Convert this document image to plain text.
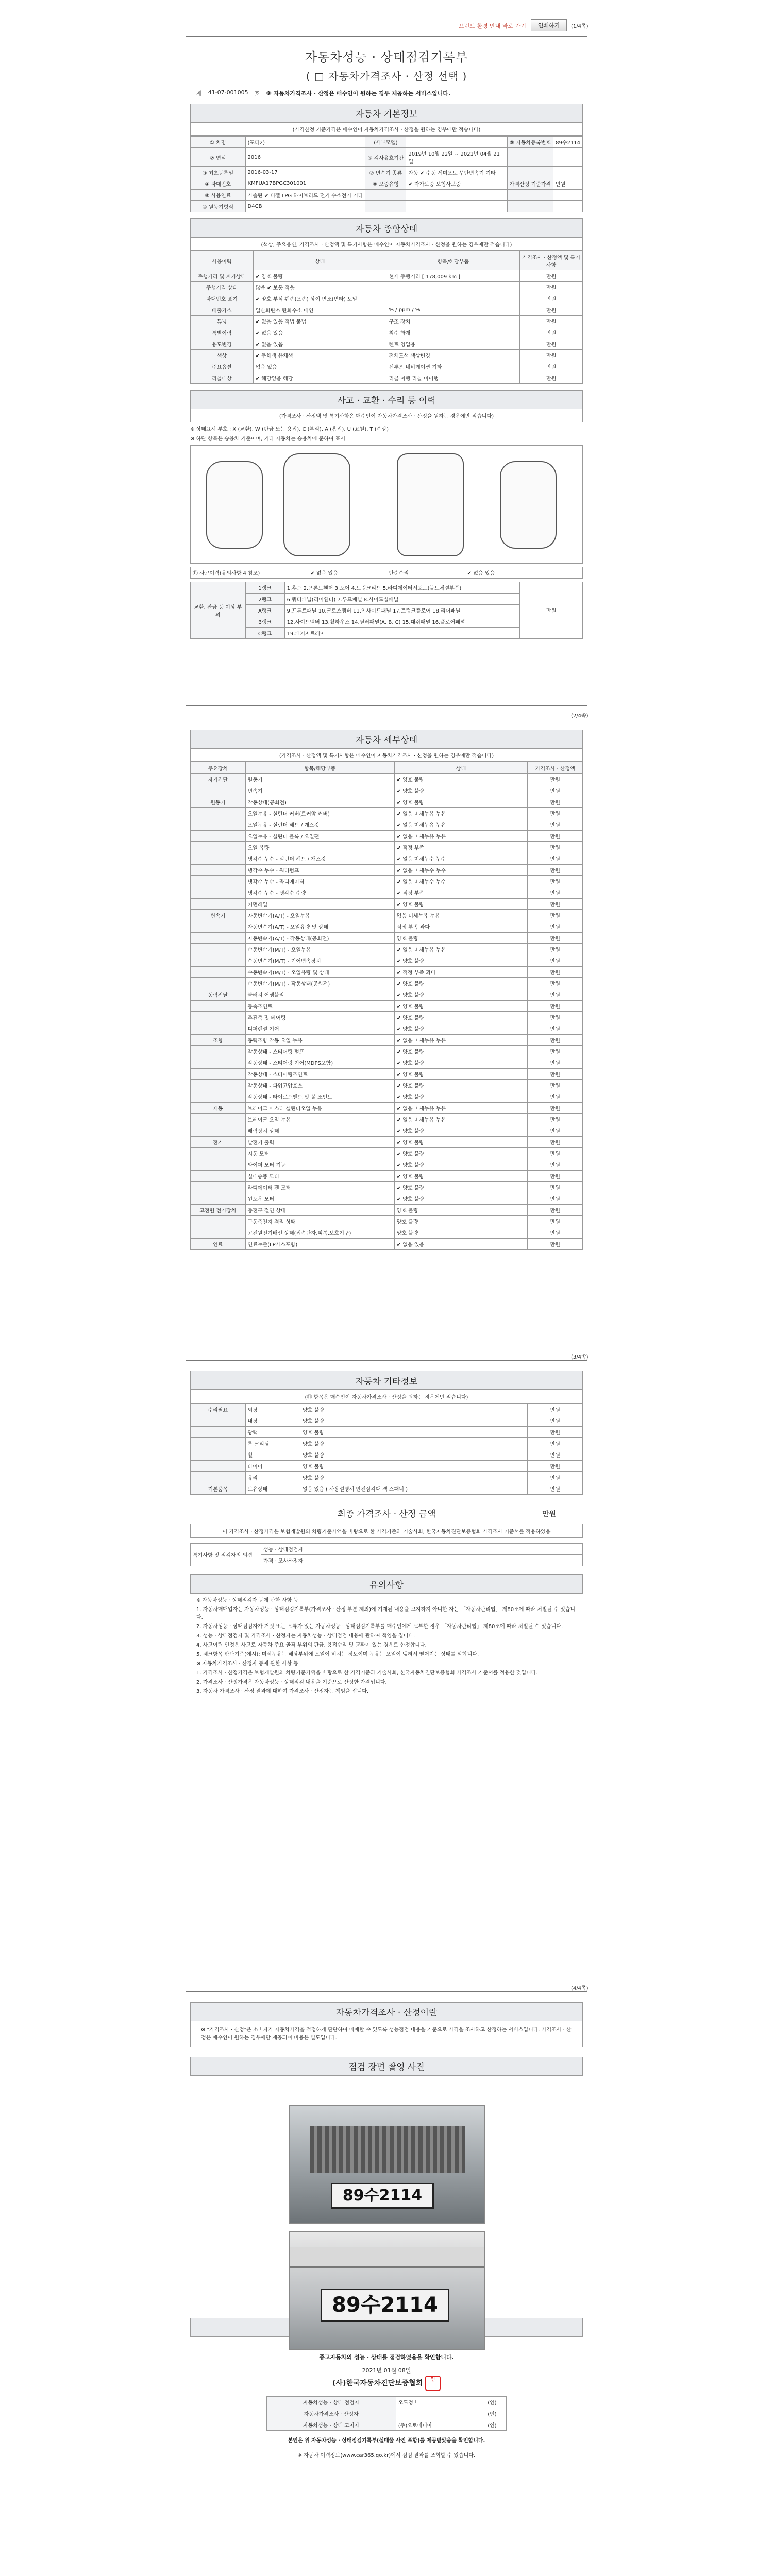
프린트 환경 안내 바로 가기	인쇄하기	(1/4쪽)
자동차성능 · 상태점검기록부
( □ 자동차가격조사 · 산정 선택 )
제 41-07-001005 호 ※ 자동차가격조사 · 산정은 매수인이 원하는 경우 제공하는 서비스입니다.
자동차 기본정보
(가격산정 기준가격은 매수인이 자동차가격조사 · 산정을 원하는 경우에만 적습니다)
① 차명	(포터2)	(세부모델)		⑤ 자동차등록번호	89수2114
② 연식	2016	⑥ 검사유효기간	2019년 10월 22일 ~ 2021년 04월 21일		
③ 최초등록일	2016-03-17	⑦ 변속기 종류	자동 ✔ 수동 세미오토 무단변속기 기타		
④ 차대번호	KMFUA17BPGC301001	⑧ 보증유형	✔ 자가보증 보험사보증	가격산정 기준가격	만원
⑨ 사용연료	가솔린 ✔ 디젤 LPG 하이브리드 전기 수소전기 기타				
⑩ 원동기형식	D4CB				
자동차 종합상태
(색상, 주요옵션, 가격조사 · 산정액 및 특기사항은 매수인이 자동차가격조사 · 산정을 원하는 경우에만 적습니다)
사용이력	상태	항목/해당부품	가격조사 · 산정액 및 특기사항
주행거리 및 계기상태	✔ 양호 불량	현재 주행거리 [ 178,009 km ]	만원
주행거리 상태	많음 ✔ 보통 적음		만원
차대번호 표기	✔ 양호 부식 훼손(오손) 상이 변조(변타) 도말		만원
배출가스	일산화탄소 탄화수소 매연	% / ppm / %	만원
튜닝	✔ 없음 있음 적법 불법	구조 장치	만원
특별이력	✔ 없음 있음	침수 화재	만원
용도변경	✔ 없음 있음	렌트 영업용	만원
색상	✔ 무채색 유채색	전체도색 색상변경	만원
주요옵션	없음 있음	선루프 네비게이션 기타	만원
리콜대상	✔ 해당없음 해당	리콜 이행 리콜 미이행	만원
사고 · 교환 · 수리 등 이력
(가격조사 · 산정액 및 특기사항은 매수인이 자동차가격조사 · 산정을 원하는 경우에만 적습니다)
※ 상태표시 부호 : X (교환), W (판금 또는 용접), C (부식), A (흠집), U (요철), T (손상)
※ 하단 항목은 승용차 기준이며, 기타 자동차는 승용차에 준하여 표시
⑪ 사고이력(유의사항 4 참조)	✔ 없음 있음	단순수리	✔ 없음 있음
교환, 판금 등 이상 부위	1랭크	1.후드 2.프론트휀더 3.도어 4.트렁크리드 5.라디에이터서포트(볼트체결부품)	만원
	2랭크	6.쿼터패널(리어휀더) 7.루프패널 8.사이드실패널	
	A랭크	9.프론트패널 10.크로스멤버 11.인사이드패널 17.트렁크플로어 18.리어패널	
	B랭크	12.사이드멤버 13.휠하우스 14.필러패널(A, B, C) 15.대쉬패널 16.플로어패널	
	C랭크	19.패키지트레이	
(2/4쪽)
자동차 세부상태
(가격조사 · 산정액 및 특기사항은 매수인이 자동차가격조사 · 산정을 원하는 경우에만 적습니다)
주요장치	항목/해당부품	상태	가격조사 · 산정액
자기진단	원동기	✔ 양호 불량	만원
	변속기	✔ 양호 불량	만원
원동기	작동상태(공회전)	✔ 양호 불량	만원
	오일누유 - 실린더 커버(로커암 커버)	✔ 없음 미세누유 누유	만원
	오일누유 - 실린더 헤드 / 개스킷	✔ 없음 미세누유 누유	만원
	오일누유 - 실린더 블록 / 오일팬	✔ 없음 미세누유 누유	만원
	오일 유량	✔ 적정 부족	만원
	냉각수 누수 - 실린더 헤드 / 개스킷	✔ 없음 미세누수 누수	만원
	냉각수 누수 - 워터펌프	✔ 없음 미세누수 누수	만원
	냉각수 누수 - 라디에이터	✔ 없음 미세누수 누수	만원
	냉각수 누수 - 냉각수 수량	✔ 적정 부족	만원
	커먼레일	✔ 양호 불량	만원
변속기	자동변속기(A/T) - 오일누유	없음 미세누유 누유	만원
	자동변속기(A/T) - 오일유량 및 상태	적정 부족 과다	만원
	자동변속기(A/T) - 작동상태(공회전)	양호 불량	만원
	수동변속기(M/T) - 오일누유	✔ 없음 미세누유 누유	만원
	수동변속기(M/T) - 기어변속장치	✔ 양호 불량	만원
	수동변속기(M/T) - 오일유량 및 상태	✔ 적정 부족 과다	만원
	수동변속기(M/T) - 작동상태(공회전)	✔ 양호 불량	만원
동력전달	클러치 어셈블리	✔ 양호 불량	만원
	등속조인트	✔ 양호 불량	만원
	추진축 및 베어링	✔ 양호 불량	만원
	디퍼렌셜 기어	✔ 양호 불량	만원
조향	동력조향 작동 오일 누유	✔ 없음 미세누유 누유	만원
	작동상태 - 스티어링 펌프	✔ 양호 불량	만원
	작동상태 - 스티어링 기어(MDPS포함)	✔ 양호 불량	만원
	작동상태 - 스티어링조인트	✔ 양호 불량	만원
	작동상태 - 파워고압호스	✔ 양호 불량	만원
	작동상태 - 타이로드엔드 및 볼 조인트	✔ 양호 불량	만원
제동	브레이크 마스터 실린더오일 누유	✔ 없음 미세누유 누유	만원
	브레이크 오일 누유	✔ 없음 미세누유 누유	만원
	배력장치 상태	✔ 양호 불량	만원
전기	발전기 출력	✔ 양호 불량	만원
	시동 모터	✔ 양호 불량	만원
	와이퍼 모터 기능	✔ 양호 불량	만원
	실내송풍 모터	✔ 양호 불량	만원
	라디에이터 팬 모터	✔ 양호 불량	만원
	윈도우 모터	✔ 양호 불량	만원
고전원 전기장치	충전구 절연 상태	양호 불량	만원
	구동축전지 격리 상태	양호 불량	만원
	고전원전기배선 상태(접속단자,피복,보호기구)	양호 불량	만원
연료	연료누출(LP가스포함)	✔ 없음 있음	만원
(3/4쪽)
자동차 기타정보
(⑪ 항목은 매수인이 자동차가격조사 · 산정을 원하는 경우에만 적습니다)
수리필요	외장	양호 불량	만원
	내장	양호 불량	만원
	광택	양호 불량	만원
	룸 크리닝	양호 불량	만원
	휠	양호 불량	만원
	타이어	양호 불량	만원
	유리	양호 불량	만원
기본품목	보유상태	없음 있음 ( 사용설명서 안전삼각대 잭 스패너 )	만원
최종 가격조사 · 산정 금액	만원
이 가격조사 · 산정가격은 보험개발원의 차량기준가액을 바탕으로 한 가격기준과 기술사회, 한국자동차진단보증협회 가격조사 기준서를 적용하였음
특기사항 및 점검자의 의견	성능 · 상태점검자	
	가격 · 조사산정자	
유의사항
※ 자동차성능 · 상태점검자 등에 관한 사항 등
1. 자동차매매업자는 자동차성능 · 상태점검기록부(가격조사 · 산정 부분 제외)에 기재된 내용을 고지하지 아니한 자는 「자동차관리법」 제80조에 따라 처벌될 수 있습니다.
2. 자동차성능 · 상태점검자가 거짓 또는 오류가 있는 자동차성능 · 상태점검기록부를 매수인에게 교부한 경우 「자동차관리법」 제80조에 따라 처벌될 수 있습니다.
3. 성능 · 상태점검자 및 가격조사 · 산정자는 자동차성능 · 상태점검 내용에 관하여 책임을 집니다.
4. 사고이력 인정은 사고로 자동차 주요 골격 부위의 판금, 용접수리 및 교환이 있는 경우로 한정합니다.
5. 체크항목 판단기준(예시): 미세누유는 해당부위에 오일이 비치는 정도이며 누유는 오일이 맺혀서 떨어지는 상태를 말합니다.
※ 자동차가격조사 · 산정자 등에 관한 사항 등
1. 가격조사 · 산정가격은 보험개발원의 차량기준가액을 바탕으로 한 가격기준과 기술사회, 한국자동차진단보증협회 가격조사 기준서를 적용한 것입니다.
2. 가격조사 · 산정가격은 자동차성능 · 상태점검 내용을 기준으로 산정한 가격입니다.
3. 자동차 가격조사 · 산정 결과에 대하여 가격조사 · 산정자는 책임을 집니다.
(4/4쪽)
자동차가격조사 · 산정이란
※ "가격조사 · 산정"은 소비자가 자동차가격을 적정하게 판단하여 매매할 수 있도록 성능점검 내용을 기준으로 가격을 조사하고 산정하는 서비스입니다. 가격조사 · 산정은 매수인이 원하는 경우에만 제공되며 비용은 별도입니다.
점검 장면 촬영 사진
89수2114
89수2114
중고자동차의 성능 · 상태를 점검하였음을 확인합니다.
2021년 01월 08일
(사)한국자동차진단보증협회 인
자동차성능 · 상태 점검자	오도정비	(인)
자동차가격조사 · 산정자		(인)
자동차성능 · 상태 고지자	(주)오토메니아	(인)
본인은 위 자동차성능 · 상태점검기록부(실매물 사진 포함)를 제공받았음을 확인합니다.
※ 자동차 이력정보(www.car365.go.kr)에서 점검 결과를 조회할 수 있습니다.
